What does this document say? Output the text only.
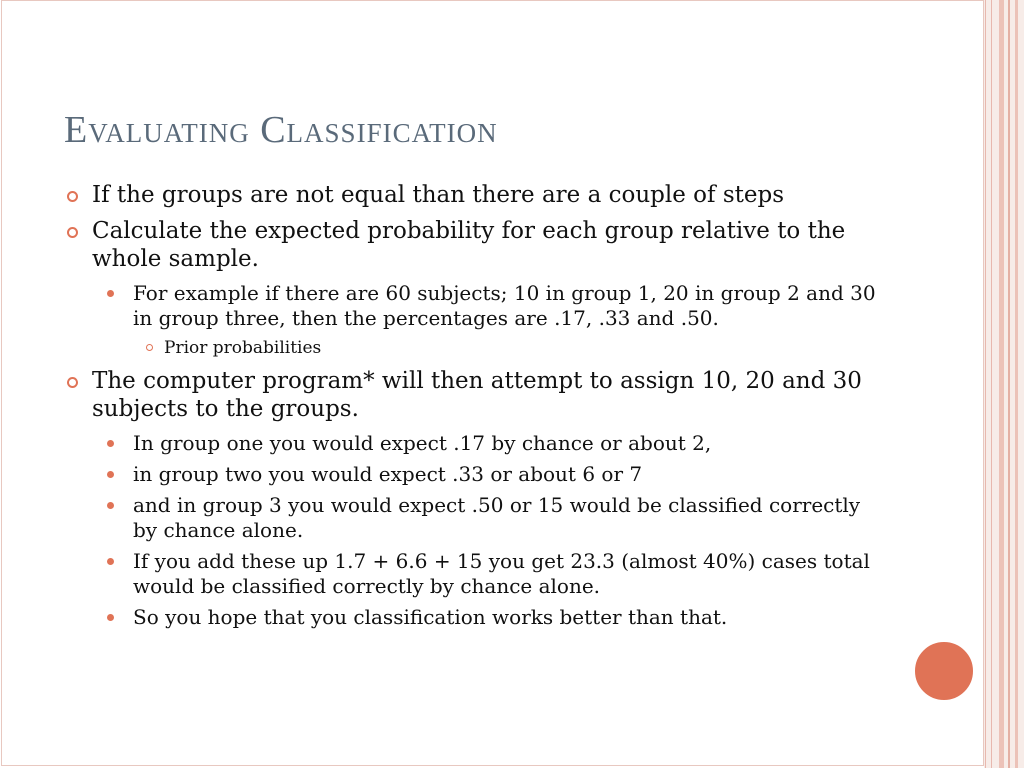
Evaluating Classification
If the groups are not equal than there are a couple of steps
Calculate the expected probability for each group relative to the whole sample.
For example if there are 60 subjects; 10 in group 1, 20 in group 2 and 30 in group three, then the percentages are .17, .33 and .50.
Prior probabilities
The computer program* will then attempt to assign 10, 20 and 30 subjects to the groups.
In group one you would expect .17 by chance or about 2,
in group two you would expect .33 or about 6 or 7
and in group 3 you would expect .50 or 15 would be classified correctly by chance alone.
If you add these up 1.7 + 6.6 + 15 you get 23.3 (almost 40%) cases total would be classified correctly by chance alone.
So you hope that you classification works better than that.
